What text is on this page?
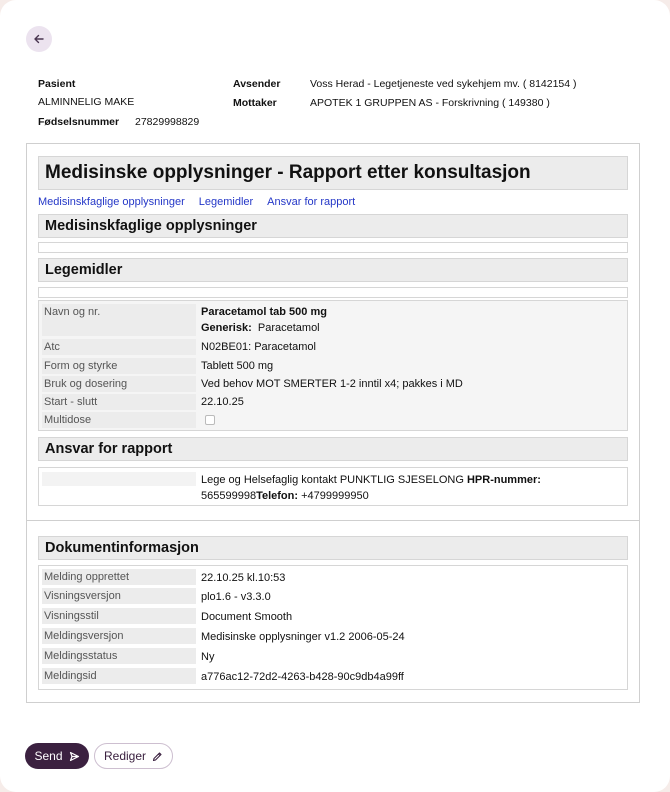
Pasient
ALMINNELIG MAKE
Fødselsnummer 27829998829
Avsender	Voss Herad - Legetjeneste ved sykehjem mv. ( 8142154 )
Mottaker	APOTEK 1 GRUPPEN AS - Forskrivning ( 149380 )
Medisinske opplysninger - Rapport etter konsultasjon
Medisinskfaglige opplysninger Legemidler Ansvar for rapport
Medisinskfaglige opplysninger
Legemidler
Navn og nr.	Paracetamol tab 500 mg
Generisk: Paracetamol
Atc	N02BE01: Paracetamol
Form og styrke	Tablett 500 mg
Bruk og dosering	Ved behov MOT SMERTER 1-2 inntil x4; pakkes i MD
Start - slutt	22.10.25
Multidose
Ansvar for rapport
Lege og Helsefaglig kontakt PUNKTLIG SJESELONG HPR-nummer: 565599998Telefon: +4799999950
Dokumentinformasjon
Melding opprettet	22.10.25 kl.10:53
Visningsversjon	plo1.6 - v3.3.0
Visningsstil	Document Smooth
Meldingsversjon	Medisinske opplysninger v1.2 2006-05-24
Meldingsstatus	Ny
Meldingsid	a776ac12-72d2-4263-b428-90c9db4a99ff
Send	Rediger
